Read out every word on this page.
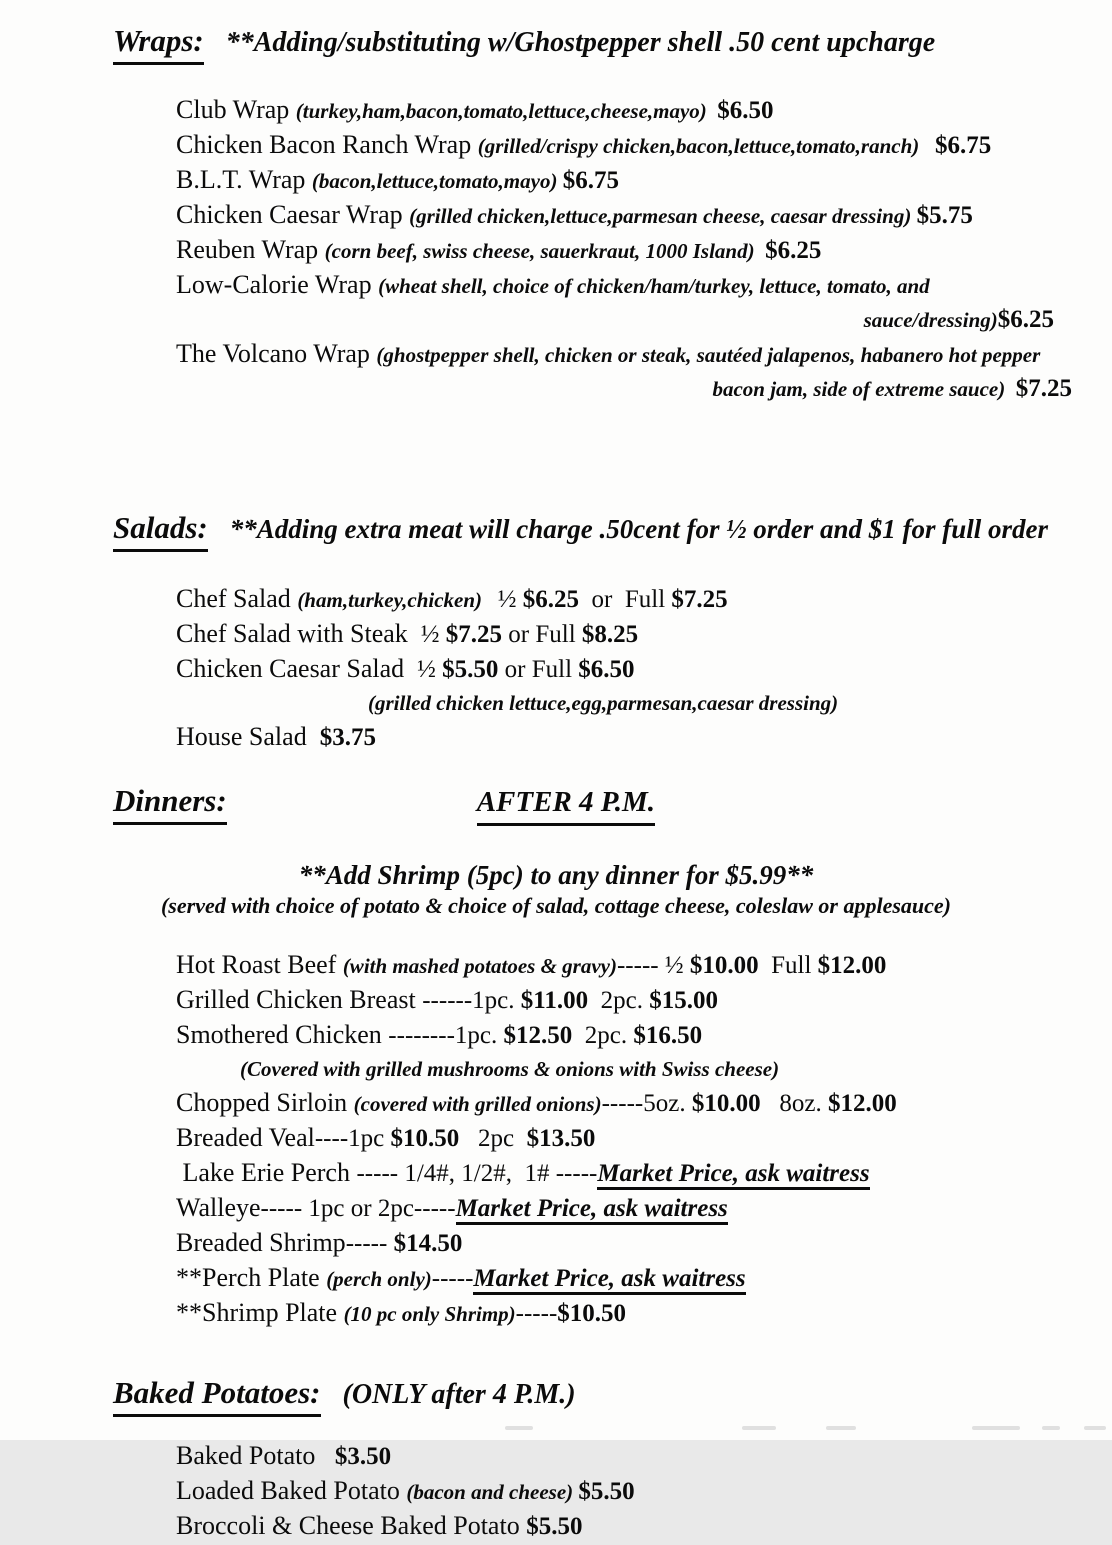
Wraps: **Adding/substituting w/Ghostpepper shell .50 cent upcharge
Club Wrap (turkey,ham,bacon,tomato,lettuce,cheese,mayo)  $6.50
Chicken Bacon Ranch Wrap (grilled/crispy chicken,bacon,lettuce,tomato,ranch)   $6.75
B.L.T. Wrap (bacon,lettuce,tomato,mayo) $6.75
Chicken Caesar Wrap (grilled chicken,lettuce,parmesan cheese, caesar dressing) $5.75
Reuben Wrap (corn beef, swiss cheese, sauerkraut, 1000 Island)  $6.25
Low-Calorie Wrap (wheat shell, choice of chicken/ham/turkey, lettuce, tomato, and
sauce/dressing)$6.25
The Volcano Wrap (ghostpepper shell, chicken or steak, sautéed jalapenos, habanero hot pepper
bacon jam, side of extreme sauce)  $7.25
Salads: **Adding extra meat will charge .50cent for ½ order and $1 for full order
Chef Salad (ham,turkey,chicken)   ½ $6.25  or  Full $7.25
Chef Salad with Steak  ½ $7.25 or Full $8.25
Chicken Caesar Salad  ½ $5.50 or Full $6.50
(grilled chicken lettuce,egg,parmesan,caesar dressing)
House Salad  $3.75
Dinners:	AFTER 4 P.M.
**Add Shrimp (5pc) to any dinner for $5.99**
(served with choice of potato & choice of salad, cottage cheese, coleslaw or applesauce)
Hot Roast Beef (with mashed potatoes & gravy)----- ½ $10.00  Full $12.00
Grilled Chicken Breast ------1pc. $11.00  2pc. $15.00
Smothered Chicken --------1pc. $12.50  2pc. $16.50
(Covered with grilled mushrooms & onions with Swiss cheese)
Chopped Sirloin (covered with grilled onions)-----5oz. $10.00   8oz. $12.00
Breaded Veal----1pc $10.50   2pc  $13.50
Lake Erie Perch ----- 1/4#, 1/2#,  1# -----Market Price, ask waitress
Walleye----- 1pc or 2pc-----Market Price, ask waitress
Breaded Shrimp----- $14.50
**Perch Plate (perch only)-----Market Price, ask waitress
**Shrimp Plate (10 pc only Shrimp)-----$10.50
Baked Potatoes: (ONLY after 4 P.M.)
Baked Potato   $3.50
Loaded Baked Potato (bacon and cheese) $5.50
Broccoli & Cheese Baked Potato $5.50
